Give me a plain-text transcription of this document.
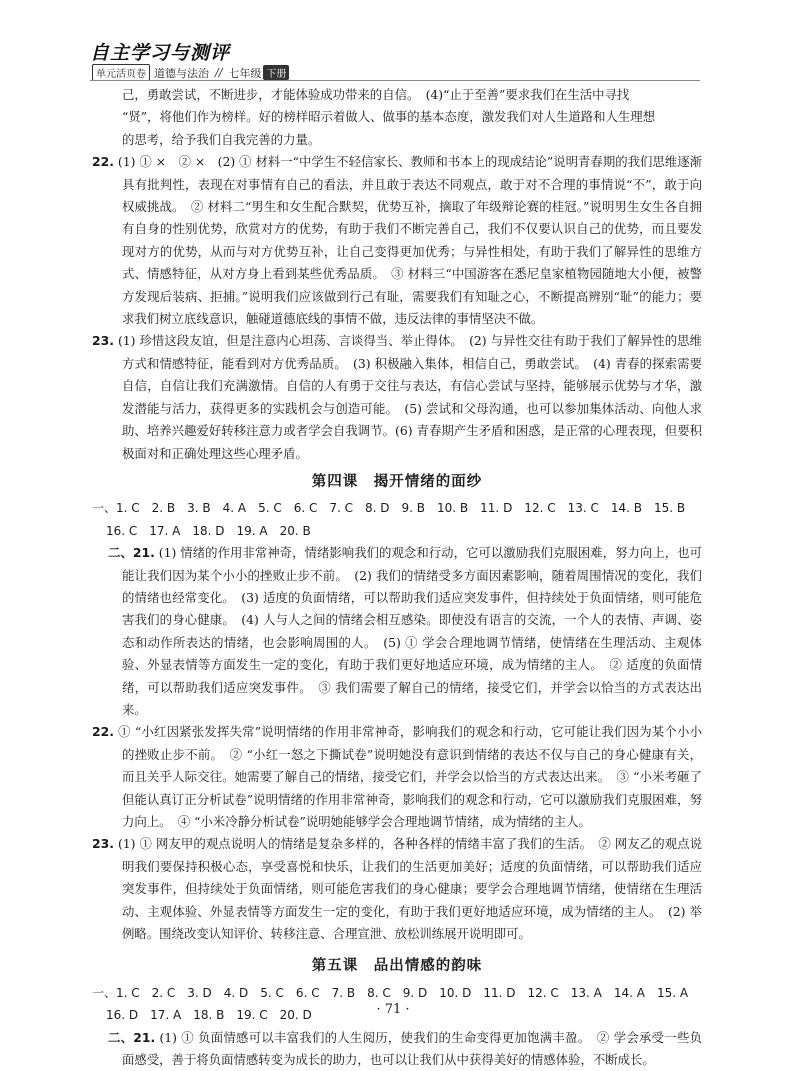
自主学习与测评
单元活页卷 道德与法治 // 七年级 下册

己，勇敢尝试，不断进步，才能体验成功带来的自信。　(4)“止于至善”要求我们在生活中寻找

“贤”，将他们作为榜样。好的榜样昭示着做人、做事的基本态度，激发我们对人生道路和人生理想

的思考，给予我们自我完善的力量。

22. (1) ① ×　② ×　(2) ① 材料一“中学生不轻信家长、教师和书本上的现成结论”说明青春期的我们思维逐渐具有批判性，表现在对事情有自己的看法，并且敢于表达不同观点，敢于对不合理的事情说“不”，敢于向权威挑战。　② 材料二“男生和女生配合默契，优势互补，摘取了年级辩论赛的桂冠。”说明男生女生各自拥有自身的性别优势，欣赏对方的优势，有助于我们不断完善自己，我们不仅要认识自己的优势，而且要发现对方的优势，从而与对方优势互补，让自己变得更加优秀；与异性相处，有助于我们了解异性的思维方式、情感特征，从对方身上看到某些优秀品质。　③ 材料三“中国游客在悉尼皇家植物园随地大小便，被警方发现后装病、拒捕。”说明我们应该做到行己有耻，需要我们有知耻之心，不断提高辨别“耻”的能力；要求我们树立底线意识，触碰道德底线的事情不做，违反法律的事情坚决不做。

23. (1) 珍惜这段友谊，但是注意内心坦荡、言谈得当、举止得体。　(2) 与异性交往有助于我们了解异性的思维方式和情感特征，能看到对方优秀品质。　(3) 积极融入集体，相信自己，勇敢尝试。　(4) 青春的探索需要自信，自信让我们充满激情。自信的人有勇于交往与表达，有信心尝试与坚持，能够展示优势与才华，激发潜能与活力，获得更多的实践机会与创造可能。　(5) 尝试和父母沟通，也可以参加集体活动、向他人求助、培养兴趣爱好转移注意力或者学会自我调节。(6) 青春期产生矛盾和困惑，是正常的心理表现，但要积极面对和正确处理这些心理矛盾。

第四课　揭开情绪的面纱

一、1. C　2. B　3. B　4. A　5. C　6. C　7. C　8. D　9. B　10. B　11. D　12. C　13. C　14. B　15. B

16. C　17. A　18. D　19. A　20. B

二、21. (1) 情绪的作用非常神奇，情绪影响我们的观念和行动，它可以激励我们克服困难，努力向上，也可能让我们因为某个小小的挫败止步不前。　(2) 我们的情绪受多方面因素影响，随着周围情况的变化，我们的情绪也经常变化。　(3) 适度的负面情绪，可以帮助我们适应突发事件，但持续处于负面情绪，则可能危害我们的身心健康。　(4) 人与人之间的情绪会相互感染。即使没有语言的交流，一个人的表情、声调、姿态和动作所表达的情绪，也会影响周围的人。　(5) ① 学会合理地调节情绪，使情绪在生理活动、主观体验、外显表情等方面发生一定的变化，有助于我们更好地适应环境，成为情绪的主人。　② 适度的负面情绪，可以帮助我们适应突发事件。　③ 我们需要了解自己的情绪，接受它们，并学会以恰当的方式表达出来。

22. ① “小红因紧张发挥失常”说明情绪的作用非常神奇，影响我们的观念和行动，它可能让我们因为某个小小的挫败止步不前。　② “小红一怒之下撕试卷”说明她没有意识到情绪的表达不仅与自己的身心健康有关，而且关乎人际交往。她需要了解自己的情绪，接受它们，并学会以恰当的方式表达出来。　③ “小米考砸了但能认真订正分析试卷”说明情绪的作用非常神奇，影响我们的观念和行动，它可以激励我们克服困难，努力向上。　④ “小米冷静分析试卷”说明她能够学会合理地调节情绪，成为情绪的主人。

23. (1) ① 网友甲的观点说明人的情绪是复杂多样的，各种各样的情绪丰富了我们的生活。　② 网友乙的观点说明我们要保持积极心态，享受喜悦和快乐，让我们的生活更加美好；适度的负面情绪，可以帮助我们适应突发事件，但持续处于负面情绪，则可能危害我们的身心健康；要学会合理地调节情绪，使情绪在生理活动、主观体验、外显表情等方面发生一定的变化，有助于我们更好地适应环境，成为情绪的主人。　(2) 举例略。围绕改变认知评价、转移注意、合理宣泄、放松训练展开说明即可。

第五课　品出情感的韵味

一、1. C　2. C　3. D　4. D　5. C　6. C　7. B　8. C　9. D　10. D　11. D　12. C　13. A　14. A　15. A

16. D　17. A　18. B　19. C　20. D

二、21. (1) ① 负面情感可以丰富我们的人生阅历，使我们的生命变得更加饱满丰盈。　② 学会承受一些负面感受，善于将负面情感转变为成长的助力，也可以让我们从中获得美好的情感体验，不断成长。

· 71 ·
